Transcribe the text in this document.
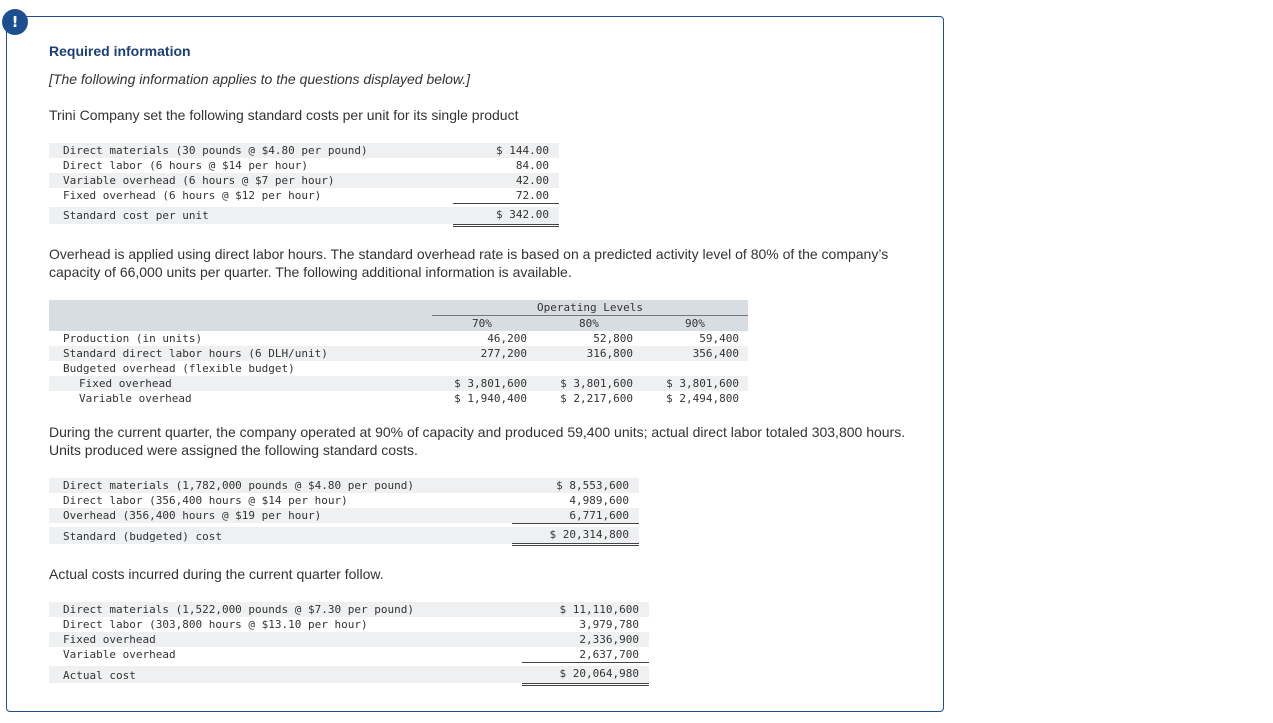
!
Required information
[The following information applies to the questions displayed below.]
Trini Company set the following standard costs per unit for its single product
Direct materials (30 pounds @ $4.80 per pound)	$ 144.00
Direct labor (6 hours @ $14 per hour)	84.00
Variable overhead (6 hours @ $7 per hour)	42.00
Fixed overhead (6 hours @ $12 per hour)	72.00
Standard cost per unit	$ 342.00
Overhead is applied using direct labor hours. The standard overhead rate is based on a predicted activity level of 80% of the company’s capacity of 66,000 units per quarter. The following additional information is available.
Operating Levels
70%	80%	90%
Production (in units)	46,200	52,800	59,400
Standard direct labor hours (6 DLH/unit)	277,200	316,800	356,400
Budgeted overhead (flexible budget)
Fixed overhead	$ 3,801,600	$ 3,801,600	$ 3,801,600
Variable overhead	$ 1,940,400	$ 2,217,600	$ 2,494,800
During the current quarter, the company operated at 90% of capacity and produced 59,400 units; actual direct labor totaled 303,800 hours. Units produced were assigned the following standard costs.
Direct materials (1,782,000 pounds @ $4.80 per pound)	$ 8,553,600
Direct labor (356,400 hours @ $14 per hour)	4,989,600
Overhead (356,400 hours @ $19 per hour)	6,771,600
Standard (budgeted) cost	$ 20,314,800
Actual costs incurred during the current quarter follow.
Direct materials (1,522,000 pounds @ $7.30 per pound)	$ 11,110,600
Direct labor (303,800 hours @ $13.10 per hour)	3,979,780
Fixed overhead	2,336,900
Variable overhead	2,637,700
Actual cost	$ 20,064,980
